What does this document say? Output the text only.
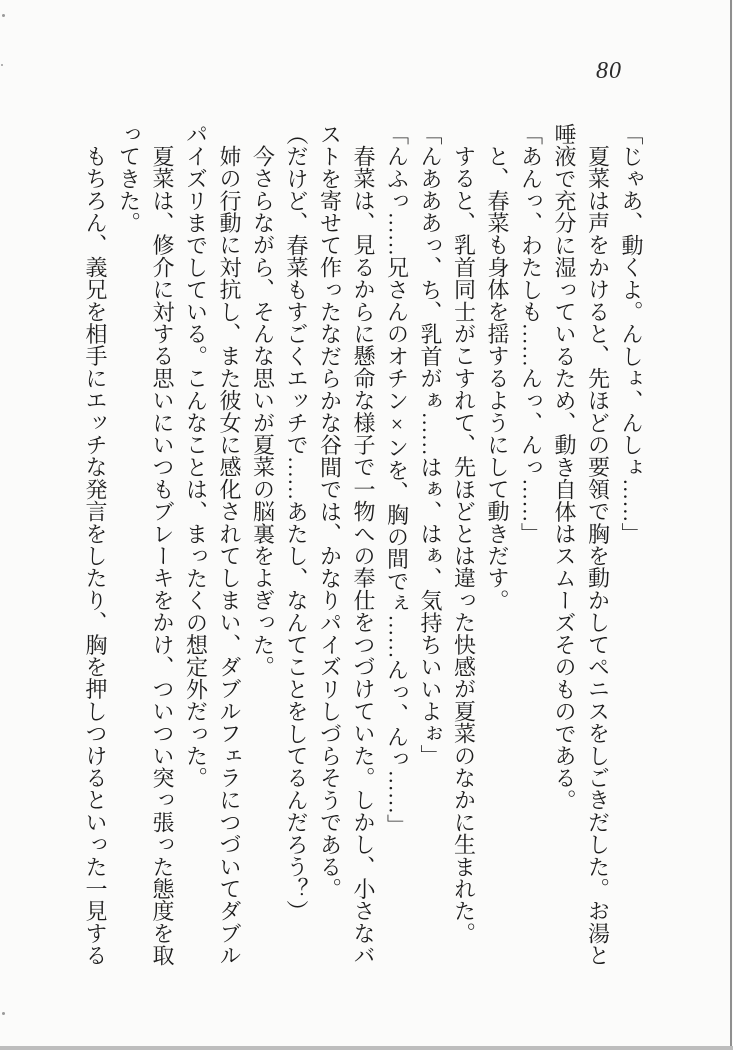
80
「じゃあ、動くよ。んしょ、んしょ……」
夏菜は声をかけると、先ほどの要領で胸を動かしてペニスをしごきだした。お湯と
唾液で充分に湿っているため、動き自体はスムーズそのものである。
「あんっ、わたしも……んっ、んっ……」
と、春菜も身体を揺するようにして動きだす。
すると、乳首同士がこすれて、先ほどとは違った快感が夏菜のなかに生まれた。
「んあああっ、ち、乳首がぁ……はぁ、はぁ、気持ちいいよぉ」
「んふっ……兄さんのオチン×ンを、胸の間でぇ……んっ、んっ……」
春菜は、見るからに懸命な様子で一物への奉仕をつづけていた。しかし、小さなバ
ストを寄せて作ったなだらかな谷間では、かなりパイズリしづらそうである。
（だけど、春菜もすごくエッチで……あたし、なんてことをしてるんだろう？）
今さらながら、そんな思いが夏菜の脳裏をよぎった。
姉の行動に対抗し、また彼女に感化されてしまい、ダブルフェラにつづいてダブル
パイズリまでしている。こんなことは、まったくの想定外だった。
夏菜は、修介に対する思いにいつもブレーキをかけ、ついつい突っ張った態度を取
ってきた。
もちろん、義兄を相手にエッチな発言をしたり、胸を押しつけるといった一見する
